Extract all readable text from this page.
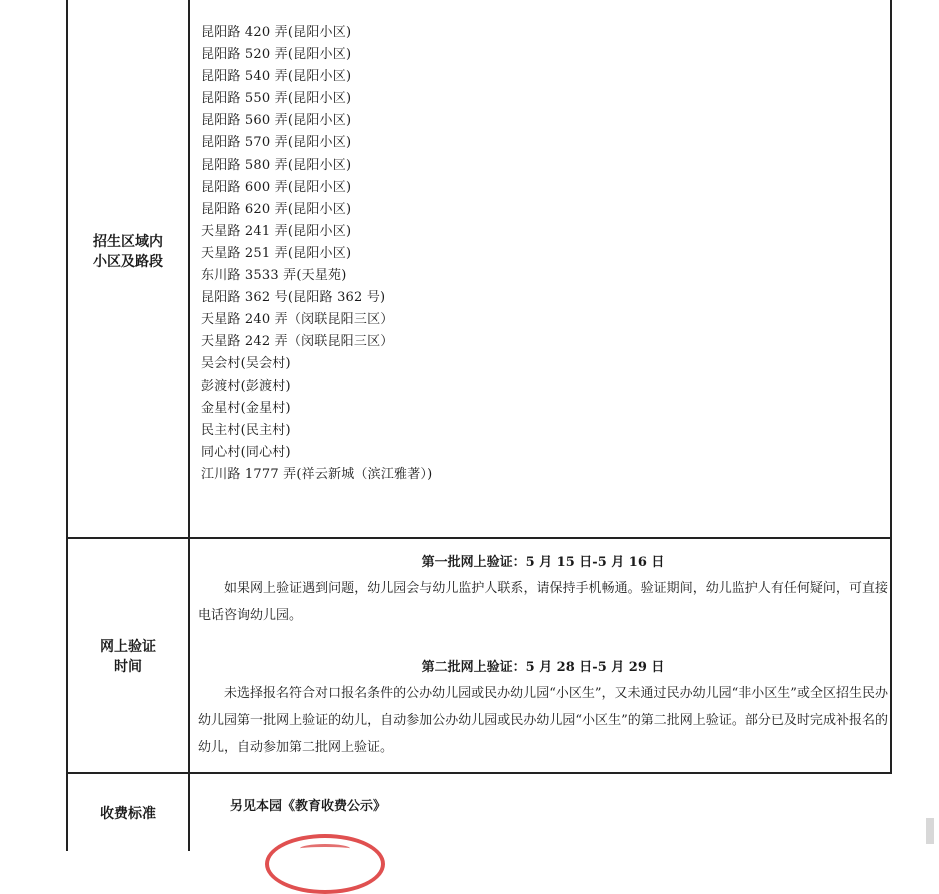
招生区域内
小区及路段
昆阳路 420 弄(昆阳小区)
昆阳路 520 弄(昆阳小区)
昆阳路 540 弄(昆阳小区)
昆阳路 550 弄(昆阳小区)
昆阳路 560 弄(昆阳小区)
昆阳路 570 弄(昆阳小区)
昆阳路 580 弄(昆阳小区)
昆阳路 600 弄(昆阳小区)
昆阳路 620 弄(昆阳小区)
天星路 241 弄(昆阳小区)
天星路 251 弄(昆阳小区)
东川路 3533 弄(天星苑)
昆阳路 362 号(昆阳路 362 号)
天星路 240 弄（闵联昆阳三区）
天星路 242 弄（闵联昆阳三区）
吴会村(吴会村)
彭渡村(彭渡村)
金星村(金星村)
民主村(民主村)
同心村(同心村)
江川路 1777 弄(祥云新城（滨江雅著）)
网上验证
时间
第一批网上验证：5 月 15 日-5 月 16 日

如果网上验证遇到问题，幼儿园会与幼儿监护人联系，请保持手机畅通。验证期间，幼儿监护人有任何疑问，可直接电话咨询幼儿园。

第二批网上验证：5 月 28 日-5 月 29 日

未选择报名符合对口报名条件的公办幼儿园或民办幼儿园“小区生”，又未通过民办幼儿园“非小区生”或全区招生民办幼儿园第一批网上验证的幼儿，自动参加公办幼儿园或民办幼儿园“小区生”的第二批网上验证。部分已及时完成补报名的幼儿，自动参加第二批网上验证。

收费标准	另见本园《教育收费公示》
